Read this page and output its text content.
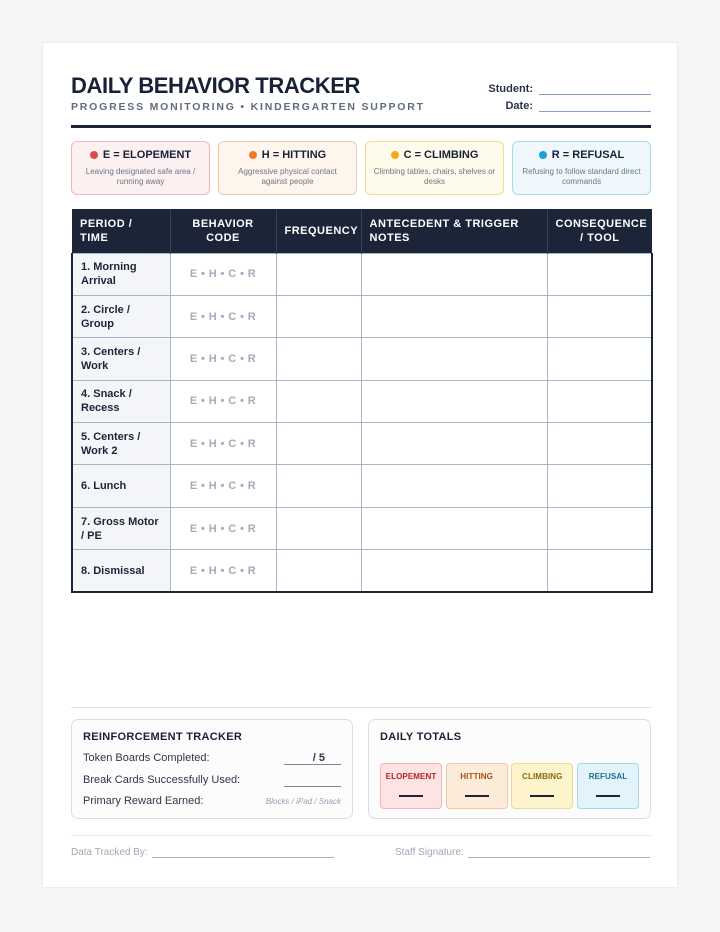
DAILY BEHAVIOR TRACKER
PROGRESS MONITORING • KINDERGARTEN SUPPORT
Student:
Date:
E = ELOPEMENT
Leaving designated safe area / running away
H = HITTING
Aggressive physical contact against people
C = CLIMBING
Climbing tables, chairs, shelves or desks
R = REFUSAL
Refusing to follow standard direct commands
PERIOD / TIME	BEHAVIOR CODE	FREQUENCY	ANTECEDENT & TRIGGER NOTES	CONSEQUENCE / TOOL
1. Morning Arrival	E • H • C • R			
2. Circle / Group	E • H • C • R			
3. Centers / Work	E • H • C • R			
4. Snack / Recess	E • H • C • R			
5. Centers / Work 2	E • H • C • R			
6. Lunch	E • H • C • R			
7. Gross Motor / PE	E • H • C • R			
8. Dismissal	E • H • C • R			
REINFORCEMENT TRACKER
Token Boards Completed:	/ 5
Break Cards Successfully Used:
Primary Reward Earned:	Blocks / iPad / Snack
DAILY TOTALS
ELOPEMENT	HITTING	CLIMBING	REFUSAL
Data Tracked By:	Staff Signature:
